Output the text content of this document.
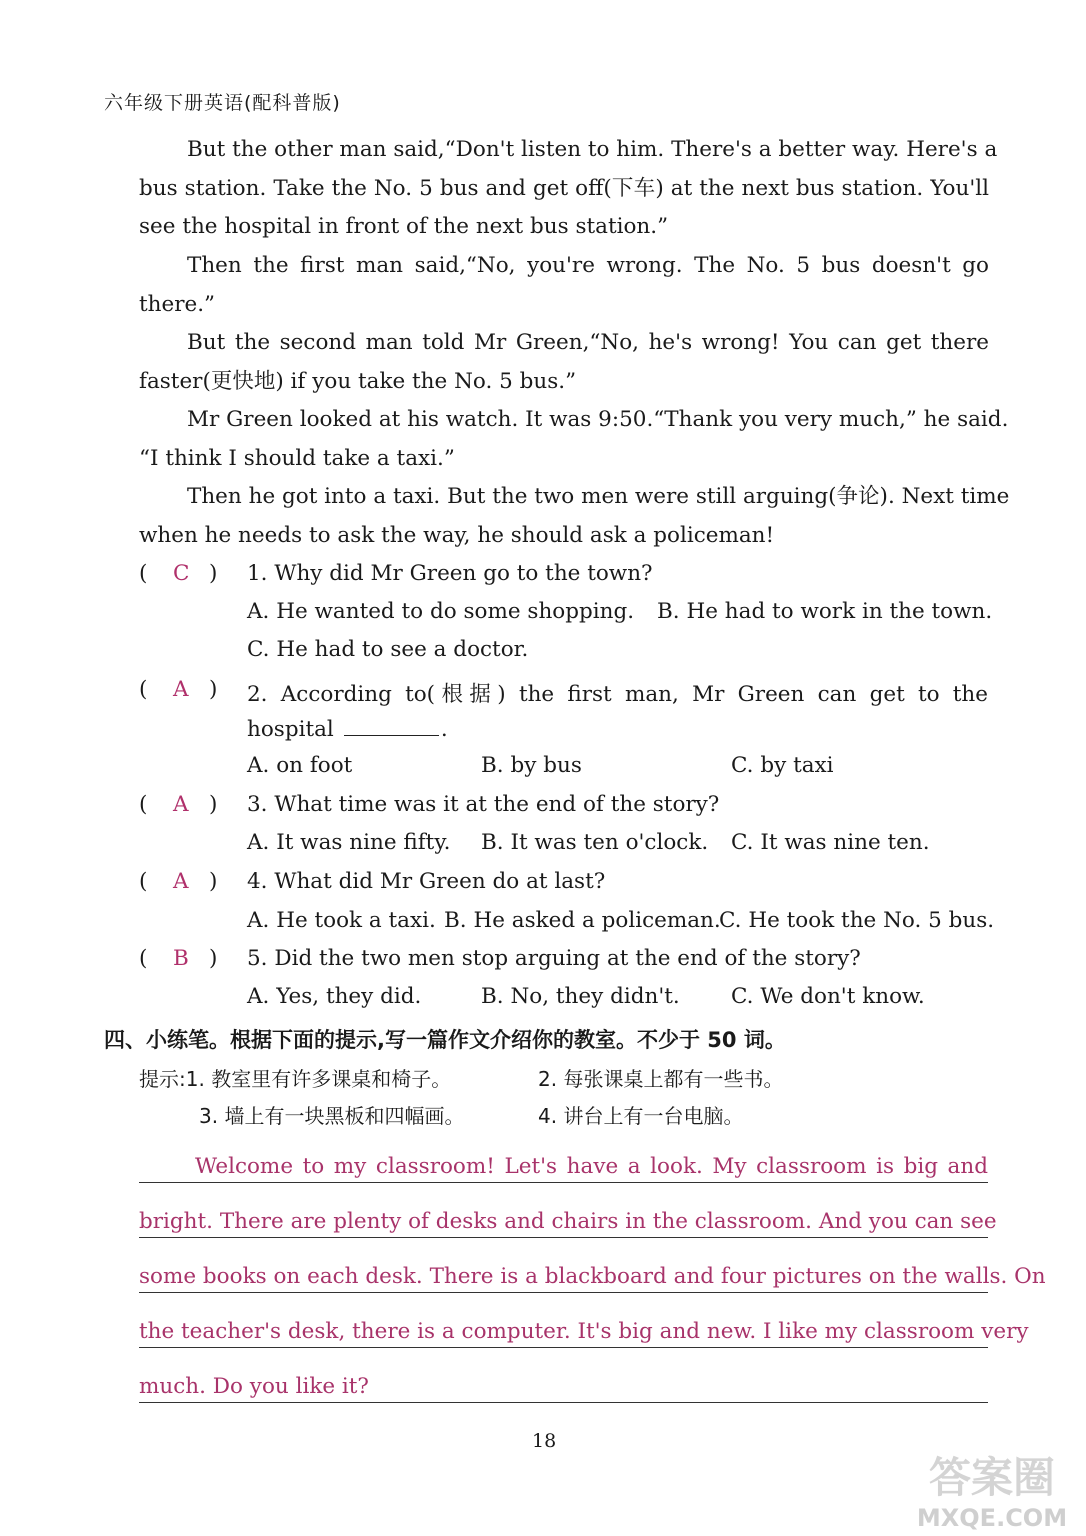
六年级下册英语(配科普版)
But the other man said,“Don't listen to him. There's a better way. Here's a
bus station. Take the No. 5 bus and get off(下车) at the next bus station. You'll
see the hospital in front of the next bus station.”
Then the first man said,“No, you're wrong. The No. 5 bus doesn't go
there.”
But the second man told Mr Green,“No, he's wrong! You can get there
faster(更快地) if you take the No. 5 bus.”
Mr Green looked at his watch. It was 9:50.“Thank you very much,” he said.
“I think I should take a taxi.”
Then he got into a taxi. But the two men were still arguing(争论). Next time
when he needs to ask the way, he should ask a policeman!
( C ) 1. Why did Mr Green go to the town?
A. He wanted to do some shopping. B. He had to work in the town.
C. He had to see a doctor.
( A ) 2. According to(根据) the first man, Mr Green can get to the
hospital	.
A. on foot	B. by bus	C. by taxi
( A ) 3. What time was it at the end of the story?
A. It was nine fifty. B. It was ten o'clock. C. It was nine ten.
( A ) 4. What did Mr Green do at last?
A. He took a taxi. B. He asked a policeman.
C. He took the No. 5 bus.
( B ) 5. Did the two men stop arguing at the end of the story?
A. Yes, they did.	B. No, they didn't. C. We don't know.
四、小练笔。根据下面的提示,写一篇作文介绍你的教室。不少于 50 词。
提示:1. 教室里有许多课桌和椅子。	2. 每张课桌上都有一些书。
3. 墙上有一块黑板和四幅画。	4. 讲台上有一台电脑。
Welcome to my classroom! Let's have a look. My classroom is big and
bright. There are plenty of desks and chairs in the classroom. And you can see
some books on each desk. There is a blackboard and four pictures on the walls. On
the teacher's desk, there is a computer. It's big and new. I like my classroom very
much. Do you like it?
18
答案圈
MXQE.COM
